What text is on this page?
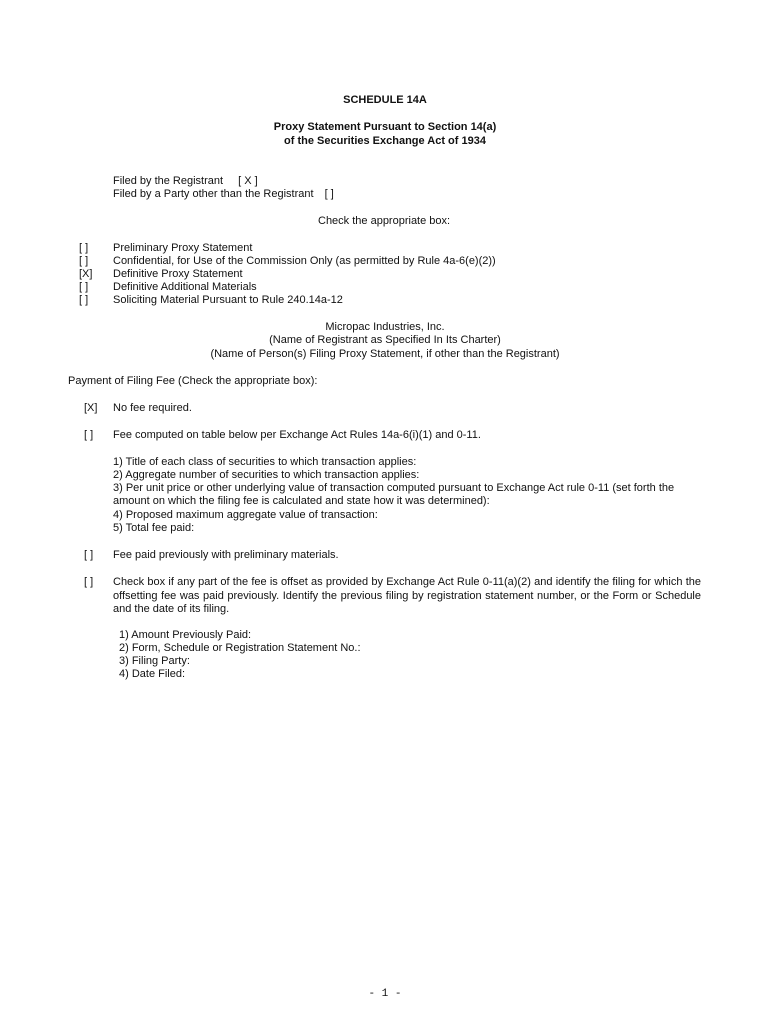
SCHEDULE 14A
Proxy Statement Pursuant to Section 14(a)
of the Securities Exchange Act of 1934
Filed by the Registrant [ X ]
Filed by a Party other than the Registrant [ ]
Check the appropriate box:
[ ] Preliminary Proxy Statement
[ ] Confidential, for Use of the Commission Only (as permitted by Rule 4a-6(e)(2))
[X] Definitive Proxy Statement
[ ] Definitive Additional Materials
[ ] Soliciting Material Pursuant to Rule 240.14a-12
Micropac Industries, Inc.
(Name of Registrant as Specified In Its Charter)
(Name of Person(s) Filing Proxy Statement, if other than the Registrant)
Payment of Filing Fee (Check the appropriate box):
[X] No fee required.
[ ] Fee computed on table below per Exchange Act Rules 14a-6(i)(1) and 0-11.
1) Title of each class of securities to which transaction applies:
2) Aggregate number of securities to which transaction applies:
3) Per unit price or other underlying value of transaction computed pursuant to Exchange Act rule 0-11 (set forth the
amount on which the filing fee is calculated and state how it was determined):
4) Proposed maximum aggregate value of transaction:
5) Total fee paid:
[ ] Fee paid previously with preliminary materials.
[ ] Check box if any part of the fee is offset as provided by Exchange Act Rule 0-11(a)(2) and identify the filing for which the offsetting fee was paid previously. Identify the previous filing by registration statement number, or the Form or Schedule and the date of its filing.
1) Amount Previously Paid:
2) Form, Schedule or Registration Statement No.:
3) Filing Party:
4) Date Filed:
- 1 -
